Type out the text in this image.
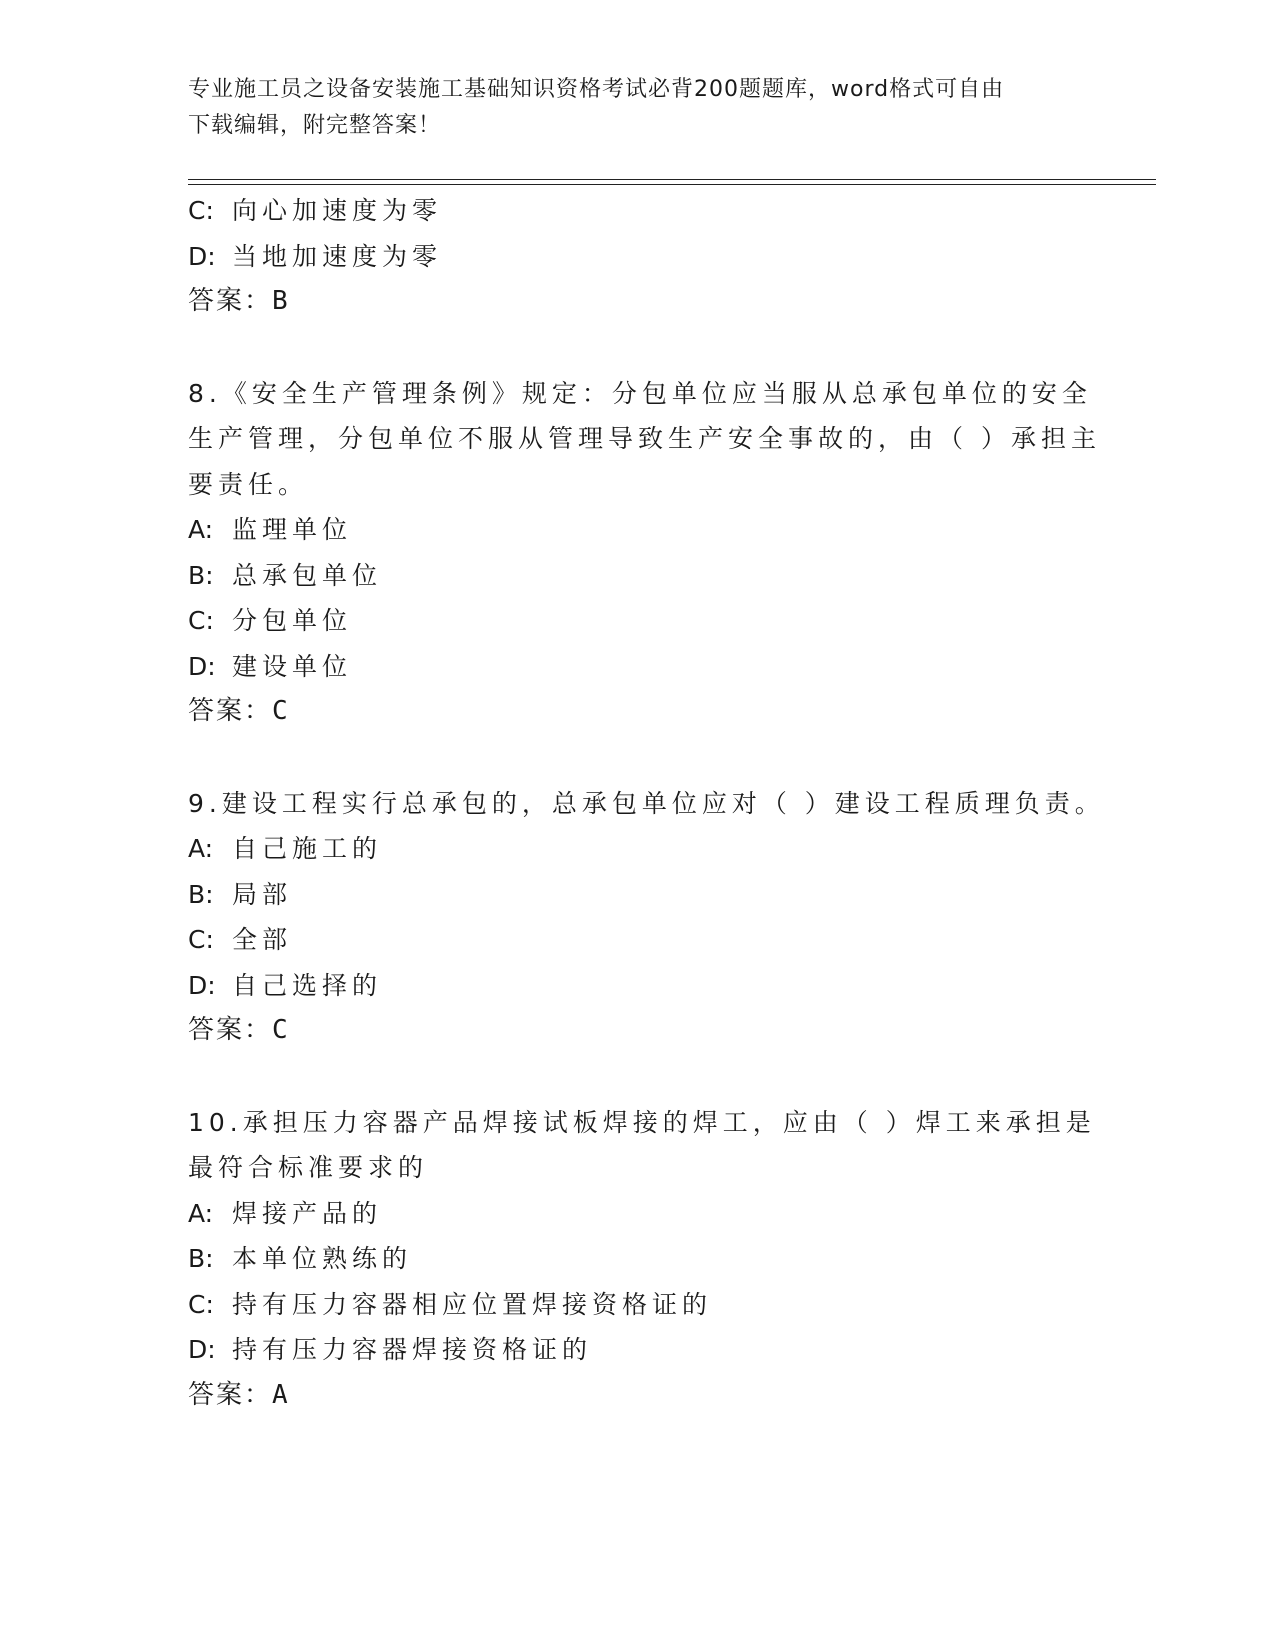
专业施工员之设备安装施工基础知识资格考试必背200题题库，word格式可自由
下载编辑，附完整答案！
C: 向心加速度为零
D: 当地加速度为零
答案：B
8.《安全生产管理条例》规定：分包单位应当服从总承包单位的安全
生产管理，分包单位不服从管理导致生产安全事故的，由（ ）承担主
要责任。
A: 监理单位
B: 总承包单位
C: 分包单位
D: 建设单位
答案：C
9.建设工程实行总承包的，总承包单位应对（ ）建设工程质理负责。
A: 自己施工的
B: 局部
C: 全部
D: 自己选择的
答案：C
10.承担压力容器产品焊接试板焊接的焊工，应由（ ）焊工来承担是
最符合标准要求的
A: 焊接产品的
B: 本单位熟练的
C: 持有压力容器相应位置焊接资格证的
D: 持有压力容器焊接资格证的
答案：A
